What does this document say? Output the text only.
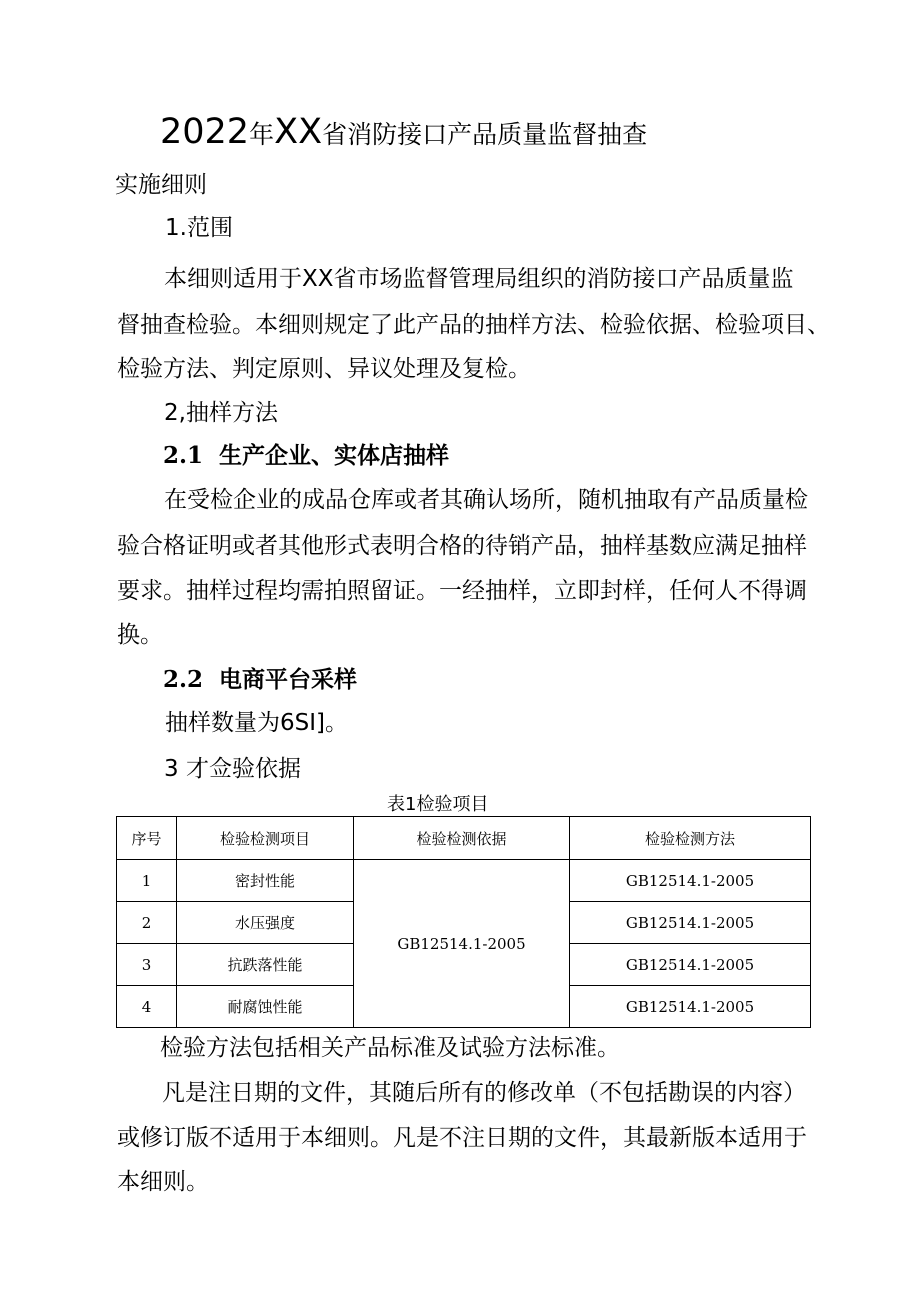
2022年XX省消防接口产品质量监督抽查
实施细则
1.范围
本细则适用于XX省市场监督管理局组织的消防接口产品质量监
督抽查检验。本细则规定了此产品的抽样方法、检验依据、检验项目、
检验方法、判定原则、异议处理及复检。
2,抽样方法
2.1  生产企业、实体店抽样
在受检企业的成品仓库或者其确认场所，随机抽取有产品质量检
验合格证明或者其他形式表明合格的待销产品，抽样基数应满足抽样
要求。抽样过程均需拍照留证。一经抽样，立即封样，任何人不得调
换。
2.2  电商平台采样
抽样数量为6SI]。
3 才佥验依据
表1检验项目
序号	检验检测项目	检验检测依据	检验检测方法
1	密封性能	GB12514.1-2005	GB12514.1-2005
2	水压强度		GB12514.1-2005
3	抗跌落性能		GB12514.1-2005
4	耐腐蚀性能		GB12514.1-2005
检验方法包括相关产品标准及试验方法标准。
凡是注日期的文件，其随后所有的修改单（不包括勘误的内容）
或修订版不适用于本细则。凡是不注日期的文件，其最新版本适用于
本细则。
